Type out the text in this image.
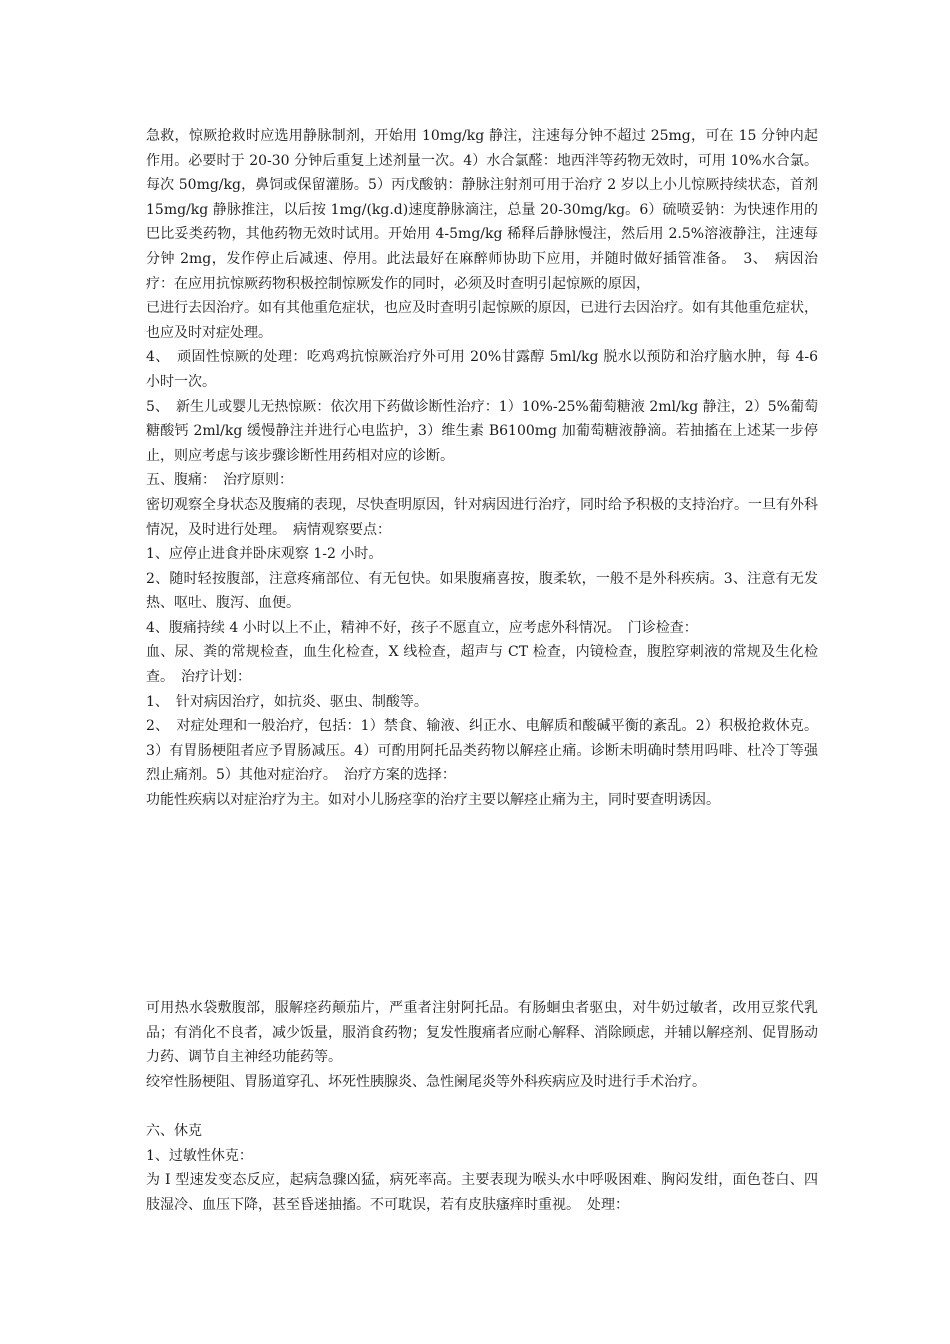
急救，惊厥抢救时应选用静脉制剂，开始用 10mg/kg 静注，注速每分钟不超过 25mg，可在 15 分钟内起作用。必要时于 20-30 分钟后重复上述剂量一次。4）水合氯醛：地西泮等药物无效时，可用 10%水合氯。每次 50mg/kg，鼻饲或保留灌肠。5）丙戊酸钠：静脉注射剂可用于治疗 2 岁以上小儿惊厥持续状态，首剂 15mg/kg 静脉推注，以后按 1mg/(kg.d)速度静脉滴注，总量 20-30mg/kg。6）硫喷妥钠：为快速作用的巴比妥类药物，其他药物无效时试用。开始用 4-5mg/kg 稀释后静脉慢注，然后用 2.5%溶液静注，注速每分钟 2mg，发作停止后减速、停用。此法最好在麻醉师协助下应用，并随时做好插管准备。　3、　病因治疗：在应用抗惊厥药物积极控制惊厥发作的同时，必须及时查明引起惊厥的原因，

已进行去因治疗。如有其他重危症状，也应及时查明引起惊厥的原因，已进行去因治疗。如有其他重危症状，也应及时对症处理。

4、　顽固性惊厥的处理：吃鸡鸡抗惊厥治疗外可用 20%甘露醇 5ml/kg 脱水以预防和治疗脑水肿，每 4-6 小时一次。

5、　新生儿或婴儿无热惊厥：依次用下药做诊断性治疗：1）10%-25%葡萄糖液 2ml/kg 静注，2）5%葡萄糖酸钙 2ml/kg 缓慢静注并进行心电监护，3）维生素 B6100mg 加葡萄糖液静滴。若抽搐在上述某一步停止，则应考虑与该步骤诊断性用药相对应的诊断。

五、腹痛：　治疗原则：

密切观察全身状态及腹痛的表现，尽快查明原因，针对病因进行治疗，同时给予积极的支持治疗。一旦有外科情况，及时进行处理。　病情观察要点：

1、应停止进食并卧床观察 1-2 小时。

2、随时轻按腹部，注意疼痛部位、有无包快。如果腹痛喜按，腹柔软，一般不是外科疾病。3、注意有无发热、呕吐、腹泻、血便。

4、腹痛持续 4 小时以上不止，精神不好，孩子不愿直立，应考虑外科情况。　门诊检查：

血、尿、粪的常规检查，血生化检查，X 线检查，超声与 CT 检查，内镜检查，腹腔穿刺液的常规及生化检查。　治疗计划：

1、　针对病因治疗，如抗炎、驱虫、制酸等。

2、　对症处理和一般治疗，包括：1）禁食、输液、纠正水、电解质和酸碱平衡的紊乱。2）积极抢救休克。3）有胃肠梗阻者应予胃肠减压。4）可酌用阿托品类药物以解痉止痛。诊断未明确时禁用吗啡、杜冷丁等强烈止痛剂。5）其他对症治疗。　治疗方案的选择：

功能性疾病以对症治疗为主。如对小儿肠痉挛的治疗主要以解痉止痛为主，同时要查明诱因。

可用热水袋敷腹部，服解痉药颠茄片，严重者注射阿托品。有肠蛔虫者驱虫，对牛奶过敏者，改用豆浆代乳品；有消化不良者，减少饭量，服消食药物；复发性腹痛者应耐心解释、消除顾虑，并辅以解痉剂、促胃肠动力药、调节自主神经功能药等。

绞窄性肠梗阻、胃肠道穿孔、坏死性胰腺炎、急性阑尾炎等外科疾病应及时进行手术治疗。

六、休克

1、过敏性休克：

为 I 型速发变态反应，起病急骤凶猛，病死率高。主要表现为喉头水中呼吸困难、胸闷发绀，面色苍白、四肢湿冷、血压下降，甚至昏迷抽搐。不可耽误，若有皮肤瘙痒时重视。　处理：
